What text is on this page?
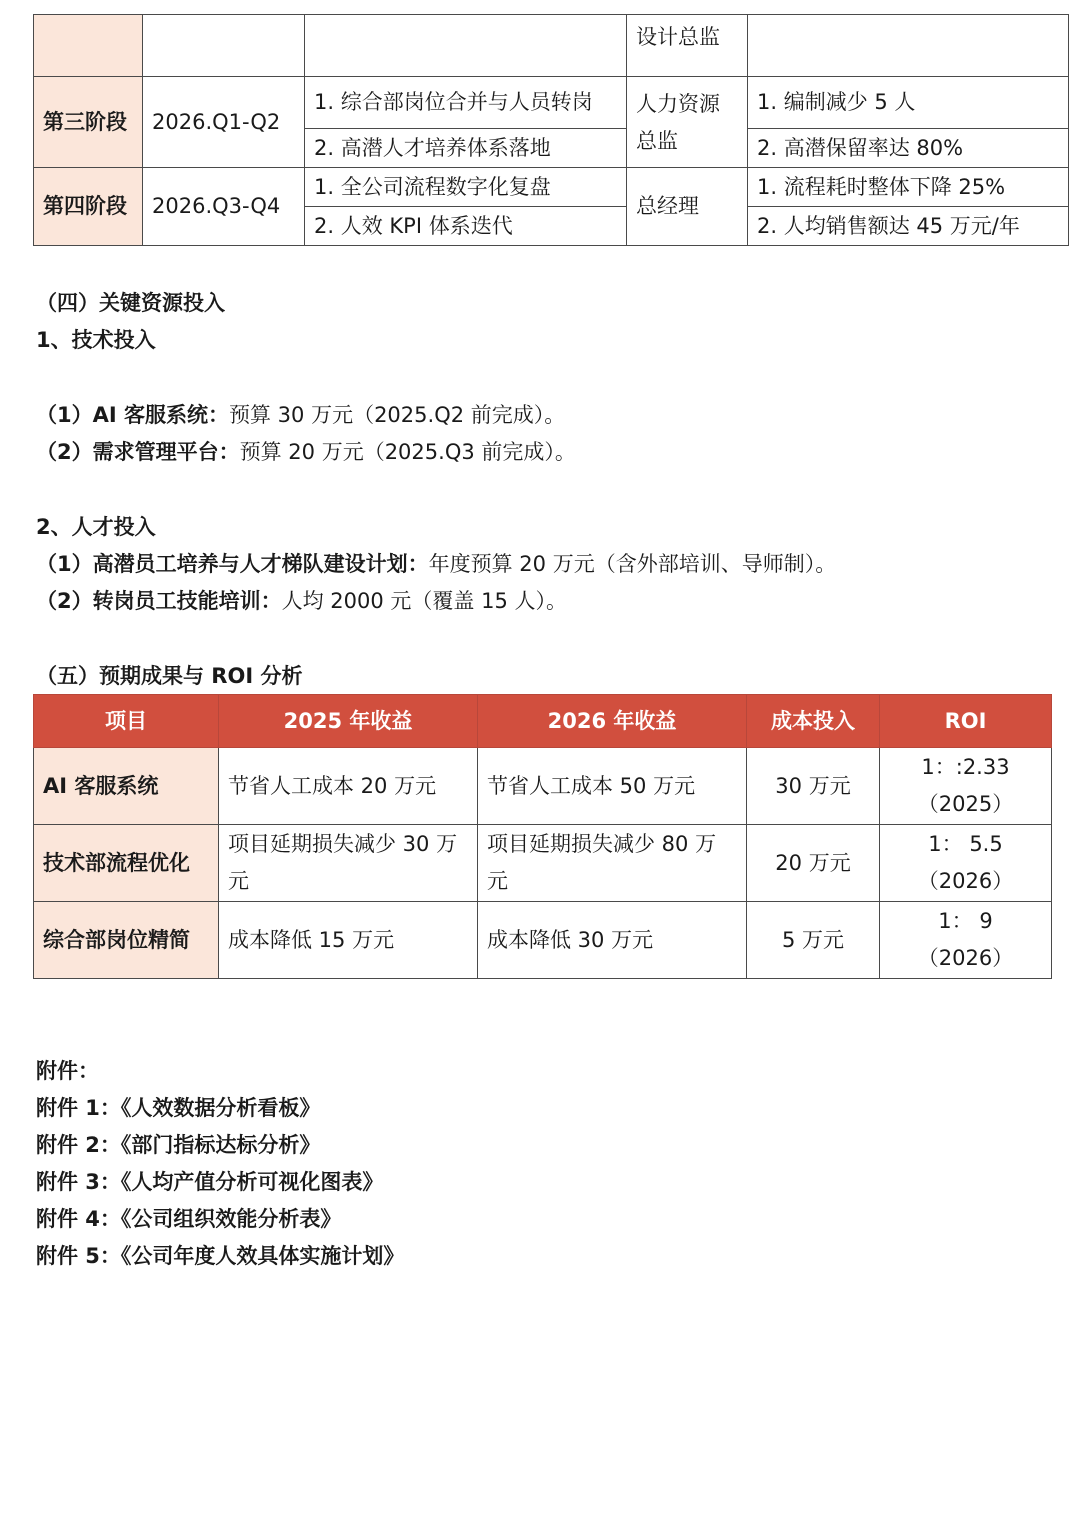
			设计总监	
第三阶段	2026.Q1-Q2	1. 综合部岗位合并与人员转岗	人力资源总监	1. 编制减少 5 人
		2. 高潜人才培养体系落地		2. 高潜保留率达 80%
第四阶段	2026.Q3-Q4	1. 全公司流程数字化复盘	总经理	1. 流程耗时整体下降 25%
		2. 人效 KPI 体系迭代		2. 人均销售额达 45 万元/年
（四）关键资源投入
1、技术投入
（1）AI 客服系统：预算 30 万元（2025.Q2 前完成）。
（2）需求管理平台：预算 20 万元（2025.Q3 前完成）。
2、人才投入
（1）高潜员工培养与人才梯队建设计划：年度预算 20 万元（含外部培训、导师制）。
（2）转岗员工技能培训：人均 2000 元（覆盖 15 人）。
（五）预期成果与 ROI 分析
项目	2025 年收益	2026 年收益	成本投入	ROI
AI 客服系统	节省人工成本 20 万元	节省人工成本 50 万元	30 万元	1：:2.33
（2025）

技术部流程优化	项目延期损失减少 30 万元	项目延期损失减少 80 万元	20 万元	1： 5.5
（2026）

综合部岗位精简	成本降低 15 万元	成本降低 30 万元	5 万元	1： 9
（2026）
附件：
附件 1：《人效数据分析看板》
附件 2：《部门指标达标分析》
附件 3：《人均产值分析可视化图表》
附件 4：《公司组织效能分析表》
附件 5：《公司年度人效具体实施计划》
